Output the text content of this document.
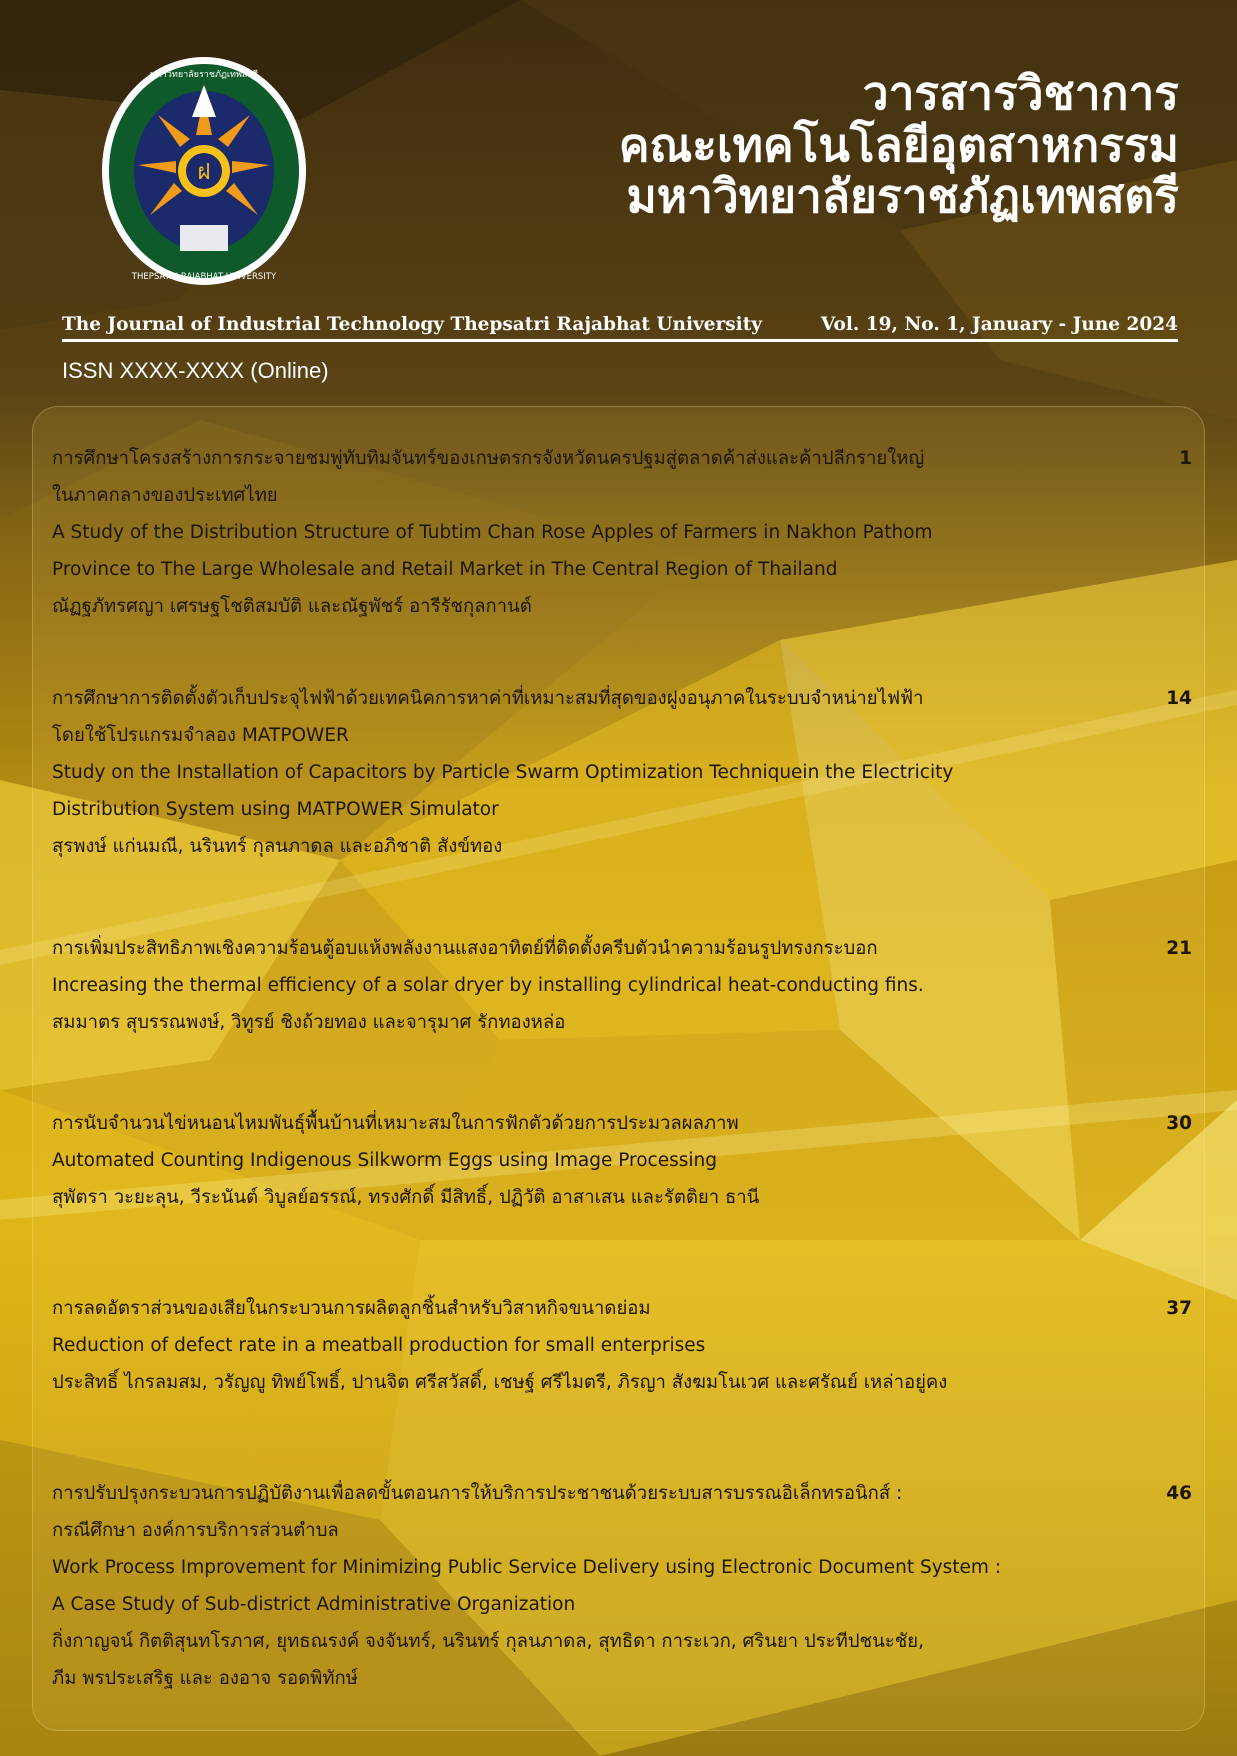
ฝ
มหาวิทยาลัยราชภัฏเทพสตรี
THEPSATRI RAJABHAT UNIVERSITY
วารสารวิชาการ
คณะเทคโนโลยีอุตสาหกรรม
มหาวิทยาลัยราชภัฏเทพสตรี
The Journal of Industrial Technology Thepsatri Rajabhat University	Vol. 19, No. 1, January - June 2024
ISSN XXXX-XXXX (Online)
การศึกษาโครงสร้างการกระจายชมพู่ทับทิมจันทร์ของเกษตรกรจังหวัดนครปฐมสู่ตลาดค้าส่งและค้าปลีกรายใหญ่
ในภาคกลางของประเทศไทย
A Study of the Distribution Structure of Tubtim Chan Rose Apples of Farmers in Nakhon Pathom
Province to The Large Wholesale and Retail Market in The Central Region of Thailand
ณัฏฐภัทรศญา เศรษฐโชติสมบัติ และณัฐพัชร์ อารีรัชกุลกานต์
1
การศึกษาการติดตั้งตัวเก็บประจุไฟฟ้าด้วยเทคนิคการหาค่าที่เหมาะสมที่สุดของฝูงอนุภาคในระบบจำหน่ายไฟฟ้า
โดยใช้โปรแกรมจำลอง MATPOWER
Study on the Installation of Capacitors by Particle Swarm Optimization Techniquein the Electricity
Distribution System using MATPOWER Simulator
สุรพงษ์ แก่นมณี, นรินทร์ กุลนภาดล และอภิชาติ สังข์ทอง
14
การเพิ่มประสิทธิภาพเชิงความร้อนตู้อบแห้งพลังงานแสงอาทิตย์ที่ติดตั้งครีบตัวนำความร้อนรูปทรงกระบอก
Increasing the thermal efficiency of a solar dryer by installing cylindrical heat-conducting fins.
สมมาตร สุบรรณพงษ์, วิทูรย์ ชิงถ้วยทอง และจารุมาศ รักทองหล่อ
21
การนับจำนวนไข่หนอนไหมพันธุ์พื้นบ้านที่เหมาะสมในการฟักตัวด้วยการประมวลผลภาพ
Automated Counting Indigenous Silkworm Eggs using Image Processing
สุพัตรา วะยะลุน, วีระนันต์ วิบูลย์อรรณ์, ทรงศักดิ์ มีสิทธิ์, ปฏิวัติ อาสาเสน และรัตติยา ธานี
30
การลดอัตราส่วนของเสียในกระบวนการผลิตลูกชิ้นสำหรับวิสาหกิจขนาดย่อม
Reduction of defect rate in a meatball production for small enterprises
ประสิทธิ์ ไกรลมสม, วรัญญู ทิพย์โพธิ์, ปานจิต ศรีสวัสดิ์, เชษฐ์ ศรีไมตรี, ภิรญา สังฆมโนเวศ และศรัณย์ เหล่าอยู่คง
37
การปรับปรุงกระบวนการปฏิบัติงานเพื่อลดขั้นตอนการให้บริการประชาชนด้วยระบบสารบรรณอิเล็กทรอนิกส์ :
กรณีศึกษา องค์การบริการส่วนตำบล
Work Process Improvement for Minimizing Public Service Delivery using Electronic Document System :
A Case Study of Sub-district Administrative Organization
กิ่งกาญจน์ กิตติสุนทโรภาศ, ยุทธณรงค์ จงจันทร์, นรินทร์ กุลนภาดล, สุทธิดา การะเวก, ศรินยา ประทีปชนะชัย,
ภีม พรประเสริฐ และ องอาจ รอดพิทักษ์
46
